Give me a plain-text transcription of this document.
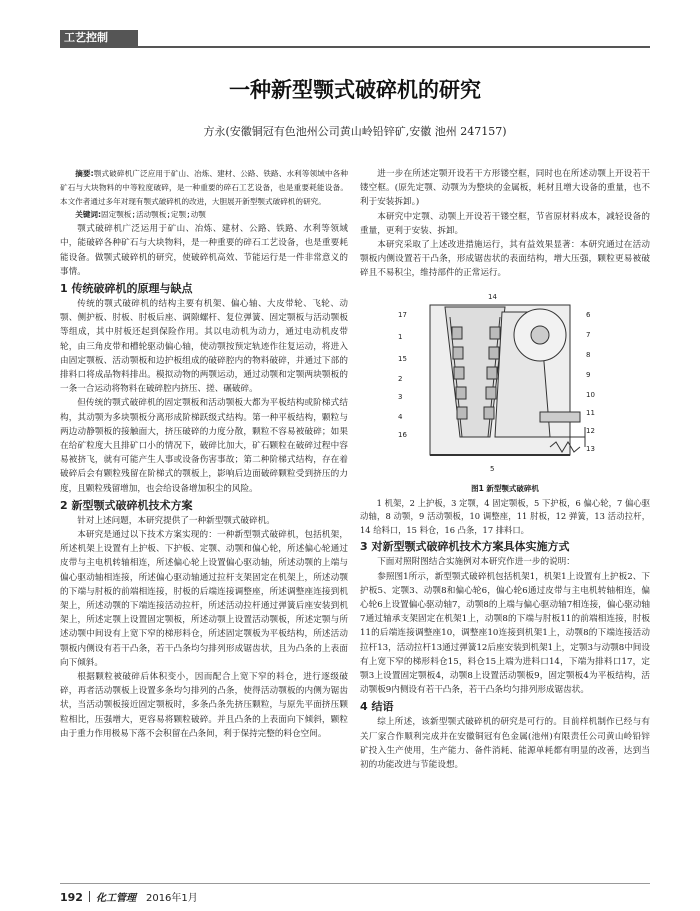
工艺控制
一种新型颚式破碎机的研究
方永(安徽铜冠有色池州公司黄山岭铅锌矿,安徽 池州 247157)

摘要:颚式破碎机广泛应用于矿山、冶炼、建材、公路、铁路、水利等领域中各种矿石与大块物料的中等粒度破碎，是一种重要的碎石工艺设备，也是重要耗能设备。本文作者通过多年对现有颚式破碎机的改进，大胆展开新型颚式破碎机的研究。

关键词:固定颚板;活动颚板;定颚;动颚

颚式破碎机广泛运用于矿山、冶炼、建材、公路、铁路、水利等领域中，能破碎各种矿石与大块物料，是一种重要的碎石工艺设备，也是重要耗能设备。做颚式破碎机的研究，使破碎机高效、节能运行是一件非常意义的事情。

1 传统破碎机的原理与缺点

传统的颚式破碎机的结构主要有机架、偏心轴、大皮带轮、飞轮、动颚、侧护板、肘板、肘板后座、调隙螺杆、复位弹簧、固定颚板与活动颚板等组成，其中肘板还起到保险作用。其以电动机为动力，通过电动机皮带轮，由三角皮带和槽轮驱动偏心轴，使动颚按预定轨迹作往复运动，将进入由固定颚板、活动颚板和边护板组成的破碎腔内的物料破碎，并通过下部的排料口将成品物料排出。模拟动物的两颚运动，通过动颚和定颚两块颚板的一条一合运动将物料在破碎腔内挤压、搓、碾破碎。

但传统的颚式破碎机的固定颚板和活动颚板大都为平板结构或阶梯式结构，其动颚为多块颚板分离形成阶梯跃级式结构。第一种平板结构，颗粒与两边动静颚板的接触面大，挤压破碎的力度分散，颗粒不容易被破碎；如果在给矿粒度大且排矿口小的情况下，破碎比加大，矿石颗粒在破碎过程中容易被挤飞，就有可能产生人事或设备伤害事故；第二种阶梯式结构，存在着破碎后会有颗粒残留在阶梯式的颚板上，影响后边面破碎颗粒受到挤压的力度，且颗粒残留增加，也会给设备增加积尘的风险。

2 新型颚式破碎机技术方案

针对上述问题，本研究提供了一种新型颚式破碎机。

本研究是通过以下技术方案实现的：一种新型颚式破碎机，包括机架，所述机架上设置有上护板、下护板、定颚、动颚和偏心轮，所述偏心轮通过皮带与主电机转轴相连，所述偏心轮上设置偏心驱动轴，所述动颚的上端与偏心驱动轴相连接，所述偏心驱动轴通过拉杆支架固定在机架上，所述动颚的下端与肘板的前端相连接，肘板的后端连接调整座，所述调整座连接到机架上，所述动颚的下端连接活动拉杆，所述活动拉杆通过弹簧后座安装到机架上，所述定颚上设置固定颚板，所述动颚上设置活动颚板，所述定颚与所述动颚中间设有上宽下窄的梯形料仓，所述固定颚板为平板结构，所述活动颚板内侧设有若干凸条，若干凸条均匀排列形成锯齿状，且为凸条的上表面向下倾斜。

根据颗粒被破碎后体积变小，因而配合上宽下窄的料仓，进行逐级破碎，再者活动颚板上设置多条均匀排列的凸条，使得活动颚板的内侧为锯齿状，当活动颚板接近固定颚板时，多条凸条先挤压颗粒，与原先平面挤压颗粒相比，压强增大，更容易将颗粒破碎。并且凸条的上表面向下倾斜，颗粒由于重力作用极易下落不会积留在凸条间，利于保持完整的料仓空间。

进一步在所述定颚开设若干方形镂空框，同时也在所述动颚上开设若干镂空框。(原先定颚、动颚为为整块的金属板，耗材且增大设备的重量，也不利于安装拆卸。)

本研究中定颚、动颚上开设若干镂空框，节省原材料成本，减轻设备的重量，更利于安装、拆卸。

本研究采取了上述改进措施运行，其有益效果显著：本研究通过在活动颚板内侧设置若干凸条，形成锯齿状的表面结构，增大压强，颗粒更易被破碎且不易积尘，维持部件的正常运行。

14
17
1
15
2
3
4
16
6
7
8
9
10
11
12
13
5
图1 新型颚式破碎机

1 机架，2 上护板，3 定颚，4 固定颚板，5 下护板，6 偏心轮，7 偏心驱动轴，8 动颚，9 活动颚板，10 调整座，11 肘板，12 弹簧，13 活动拉杆，14 给料口，15 料仓，16 凸条，17 排料口。

3 对新型颚式破碎机技术方案具体实施方式

下面对照附图结合实施例对本研究作进一步的说明：

参照图1所示，新型颚式破碎机包括机架1，机架1上设置有上护板2、下护板5、定颚3、动颚8和偏心轮6，偏心轮6通过皮带与主电机转轴相连，偏心轮6上设置偏心驱动轴7，动颚8的上端与偏心驱动轴7相连接，偏心驱动轴7通过轴承支架固定在机架1上，动颚8的下端与肘板11的前端相连接，肘板11的后端连接调整座10，调整座10连接到机架1上，动颚8的下端连接活动拉杆13，活动拉杆13通过弹簧12后座安装到机架1上，定颚3与动颚8中间设有上宽下窄的梯形料仓15，料仓15上端为进料口14，下端为排料口17，定颚3上设置固定颚板4，动颚8上设置活动颚板9，固定颚板4为平板结构，活动颚板9内侧设有若干凸条，若干凸条均匀排列形成锯齿状。

4 结语

综上所述，该新型颚式破碎机的研究是可行的。目前样机制作已经与有关厂家合作顺利完成并在安徽铜冠有色金属(池州)有限责任公司黄山岭铅锌矿投入生产使用，生产能力、备件消耗、能源单耗都有明显的改善，达到当初的功能改进与节能设想。

192 化工管理 2016年1月
